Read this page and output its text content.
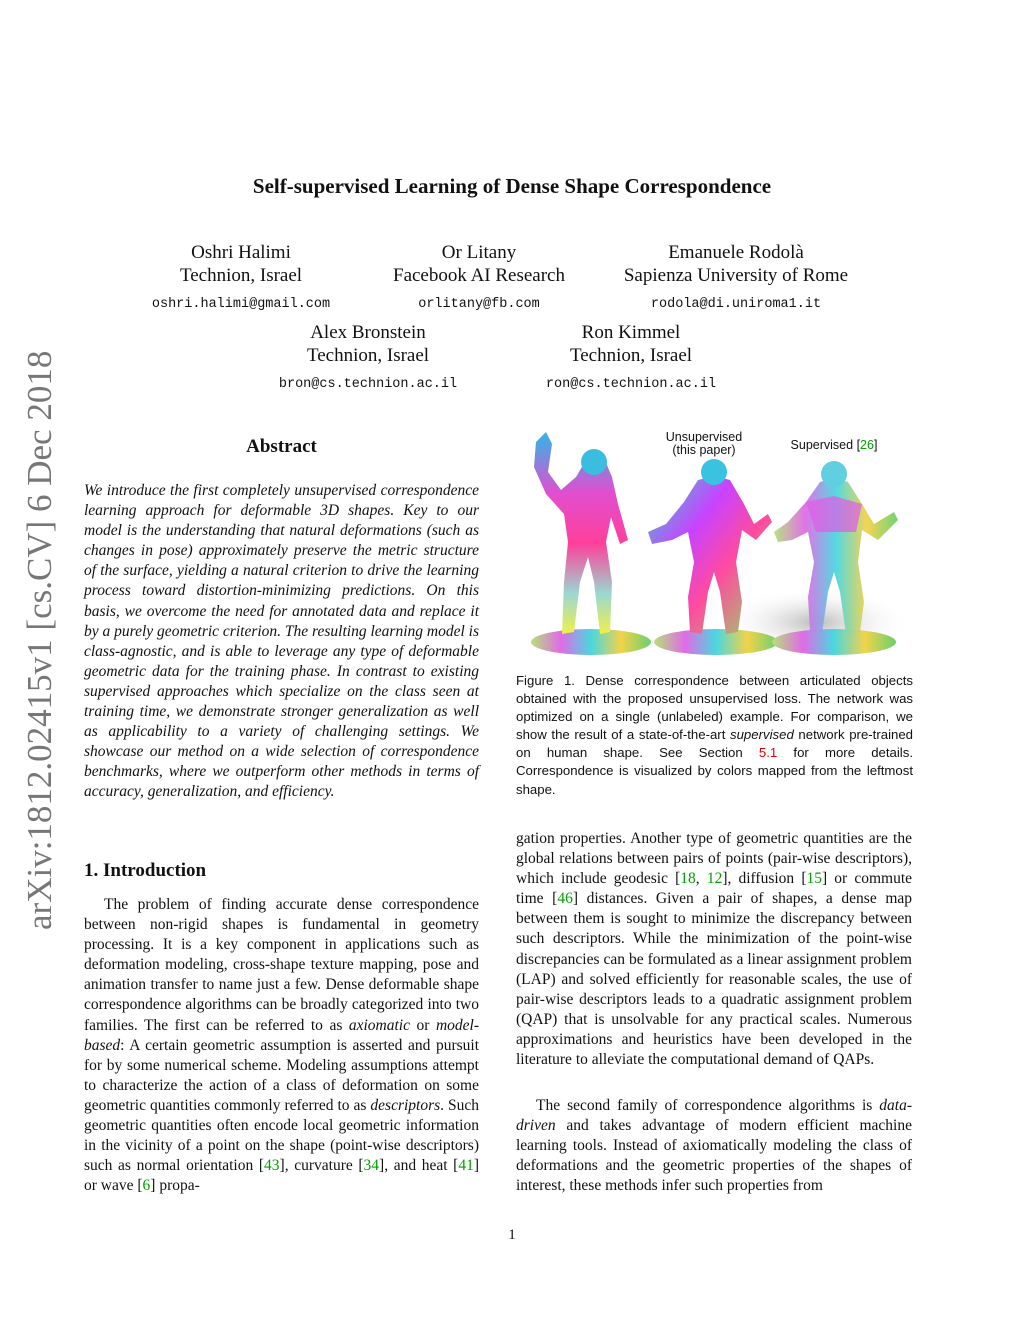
arXiv:1812.02415v1 [cs.CV] 6 Dec 2018
Self-supervised Learning of Dense Shape Correspondence
Oshri Halimi
Technion, Israel
oshri.halimi@gmail.com
Or Litany
Facebook AI Research
orlitany@fb.com
Emanuele Rodolà
Sapienza University of Rome
rodola@di.uniroma1.it
Alex Bronstein
Technion, Israel
bron@cs.technion.ac.il
Ron Kimmel
Technion, Israel
ron@cs.technion.ac.il
Abstract
We introduce the first completely unsupervised correspondence learning approach for deformable 3D shapes. Key to our model is the understanding that natural deformations (such as changes in pose) approximately preserve the metric structure of the surface, yielding a natural criterion to drive the learning process toward distortion-minimizing predictions. On this basis, we overcome the need for annotated data and replace it by a purely geometric criterion. The resulting learning model is class-agnostic, and is able to leverage any type of deformable geometric data for the training phase. In contrast to existing supervised approaches which specialize on the class seen at training time, we demonstrate stronger generalization as well as applicability to a variety of challenging settings. We showcase our method on a wide selection of correspondence benchmarks, where we outperform other methods in terms of accuracy, generalization, and efficiency.
1. Introduction
The problem of finding accurate dense correspondence between non-rigid shapes is fundamental in geometry processing. It is a key component in applications such as deformation modeling, cross-shape texture mapping, pose and animation transfer to name just a few. Dense deformable shape correspondence algorithms can be broadly categorized into two families. The first can be referred to as axiomatic or model-based: A certain geometric assumption is asserted and pursuit for by some numerical scheme. Modeling assumptions attempt to characterize the action of a class of deformation on some geometric quantities commonly referred to as descriptors. Such geometric quantities often encode local geometric information in the vicinity of a point on the shape (point-wise descriptors) such as normal orientation [43], curvature [34], and heat [41] or wave [6] propa-
Unsupervised
(this paper)	Supervised [26]
Figure 1. Dense correspondence between articulated objects obtained with the proposed unsupervised loss. The network was optimized on a single (unlabeled) example. For comparison, we show the result of a state-of-the-art supervised network pre-trained on human shape. See Section 5.1 for more details. Correspondence is visualized by colors mapped from the leftmost shape.
gation properties. Another type of geometric quantities are the global relations between pairs of points (pair-wise descriptors), which include geodesic [18, 12], diffusion [15] or commute time [46] distances. Given a pair of shapes, a dense map between them is sought to minimize the discrepancy between such descriptors. While the minimization of the point-wise discrepancies can be formulated as a linear assignment problem (LAP) and solved efficiently for reasonable scales, the use of pair-wise descriptors leads to a quadratic assignment problem (QAP) that is unsolvable for any practical scales. Numerous approximations and heuristics have been developed in the literature to alleviate the computational demand of QAPs.
The second family of correspondence algorithms is data-driven and takes advantage of modern efficient machine learning tools. Instead of axiomatically modeling the class of deformations and the geometric properties of the shapes of interest, these methods infer such properties from
1
